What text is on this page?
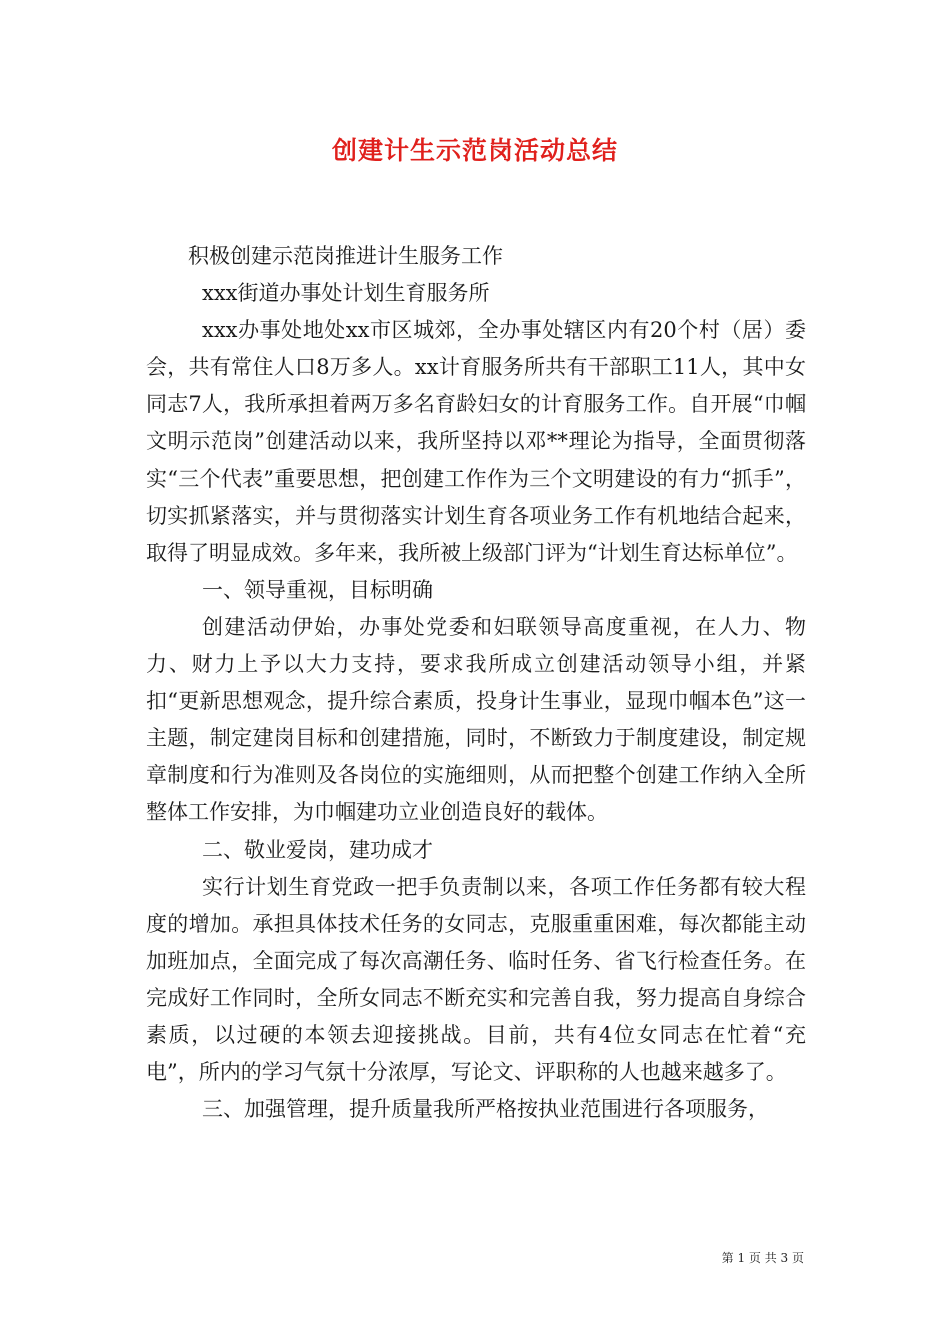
创建计生示范岗活动总结

积极创建示范岗推进计生服务工作

xxx街道办事处计划生育服务所

xxx办事处地处xx市区城郊，全办事处辖区内有20个村（居）委会，共有常住人口8万多人。xx计育服务所共有干部职工11人，其中女同志7人，我所承担着两万多名育龄妇女的计育服务工作。自开展“巾帼文明示范岗”创建活动以来，我所坚持以邓**理论为指导，全面贯彻落实“三个代表”重要思想，把创建工作作为三个文明建设的有力“抓手”，切实抓紧落实，并与贯彻落实计划生育各项业务工作有机地结合起来，取得了明显成效。多年来，我所被上级部门评为“计划生育达标单位”。

一、领导重视，目标明确

创建活动伊始，办事处党委和妇联领导高度重视，在人力、物力、财力上予以大力支持，要求我所成立创建活动领导小组，并紧扣“更新思想观念，提升综合素质，投身计生事业，显现巾帼本色”这一主题，制定建岗目标和创建措施，同时，不断致力于制度建设，制定规章制度和行为准则及各岗位的实施细则，从而把整个创建工作纳入全所整体工作安排，为巾帼建功立业创造良好的载体。

二、敬业爱岗，建功成才

实行计划生育党政一把手负责制以来，各项工作任务都有较大程度的增加。承担具体技术任务的女同志，克服重重困难，每次都能主动加班加点，全面完成了每次高潮任务、临时任务、省飞行检查任务。在完成好工作同时，全所女同志不断充实和完善自我，努力提高自身综合素质，以过硬的本领去迎接挑战。目前，共有4位女同志在忙着“充电”，所内的学习气氛十分浓厚，写论文、评职称的人也越来越多了。

三、加强管理，提升质量我所严格按执业范围进行各项服务，

第 1 页 共 3 页
